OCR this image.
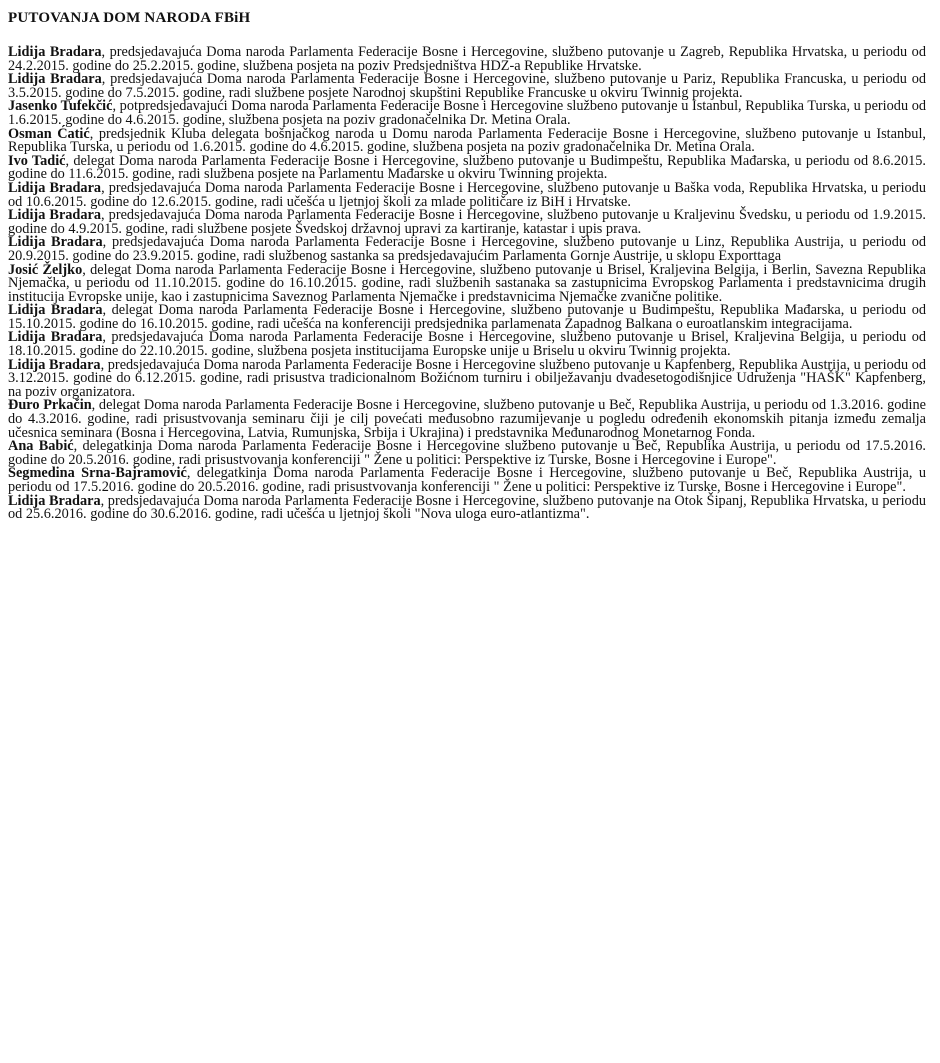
PUTOVANJA DOM NARODA FBiH
Lidija Bradara, predsjedavajuća Doma naroda Parlamenta Federacije Bosne i Hercegovine, službeno putovanje u Zagreb, Republika Hrvatska, u periodu od 24.2.2015. godine do 25.2.2015. godine, službena posjeta na poziv Predsjedništva HDZ-a Republike Hrvatske.
Lidija Bradara, predsjedavajuća Doma naroda Parlamenta Federacije Bosne i Hercegovine, službeno putovanje u Pariz, Republika Francuska, u periodu od 3.5.2015. godine do 7.5.2015. godine, radi službene posjete Narodnoj skupštini Republike Francuske u okviru Twinnig projekta.
Jasenko Tufekčić, potpredsjedavajući Doma naroda Parlamenta Federacije Bosne i Hercegovine službeno putovanje u Istanbul, Republika Turska, u periodu od 1.6.2015. godine do 4.6.2015. godine, službena posjeta na poziv gradonačelnika Dr. Metina Orala.
Osman Ćatić, predsjednik Kluba delegata bošnjačkog naroda u Domu naroda Parlamenta Federacije Bosne i Hercegovine, službeno putovanje u Istanbul, Republika Turska, u periodu od 1.6.2015. godine do 4.6.2015. godine, službena posjeta na poziv gradonačelnika Dr. Metina Orala.
Ivo Tadić, delegat Doma naroda Parlamenta Federacije Bosne i Hercegovine, službeno putovanje u Budimpeštu, Republika Mađarska, u periodu od 8.6.2015. godine do 11.6.2015. godine, radi službena posjete na Parlamentu Mađarske u okviru Twinning projekta.
Lidija Bradara, predsjedavajuća Doma naroda Parlamenta Federacije Bosne i Hercegovine, službeno putovanje u Baška voda, Republika Hrvatska, u periodu od 10.6.2015. godine do 12.6.2015. godine, radi učešća u ljetnjoj školi za mlade političare iz BiH i Hrvatske.
Lidija Bradara, predsjedavajuća Doma naroda Parlamenta Federacije Bosne i Hercegovine, službeno putovanje u Kraljevinu Švedsku, u periodu od 1.9.2015. godine do 4.9.2015. godine, radi službene posjete Švedskoj državnoj upravi za kartiranje, katastar i upis prava.
Lidija Bradara, predsjedavajuća Doma naroda Parlamenta Federacije Bosne i Hercegovine, službeno putovanje u Linz, Republika Austrija, u periodu od 20.9.2015. godine do 23.9.2015. godine, radi službenog sastanka sa predsjedavajućim Parlamenta Gornje Austrije, u sklopu Exporttaga
Josić Željko, delegat Doma naroda Parlamenta Federacije Bosne i Hercegovine, službeno putovanje u Brisel, Kraljevina Belgija, i Berlin, Savezna Republika Njemačka, u periodu od 11.10.2015. godine do 16.10.2015. godine, radi službenih sastanaka sa zastupnicima Evropskog Parlamenta i predstavnicima drugih institucija Evropske unije, kao i zastupnicima Saveznog Parlamenta Njemačke i predstavnicima Njemačke zvanične politike.
Lidija Bradara, delegat Doma naroda Parlamenta Federacije Bosne i Hercegovine, službeno putovanje u Budimpeštu, Republika Mađarska, u periodu od 15.10.2015. godine do 16.10.2015. godine, radi učešća na konferenciji predsjednika parlamenata Zapadnog Balkana o euroatlanskim integracijama.
Lidija Bradara, predsjedavajuća Doma naroda Parlamenta Federacije Bosne i Hercegovine, službeno putovanje u Brisel, Kraljevina Belgija, u periodu od 18.10.2015. godine do 22.10.2015. godine, službena posjeta institucijama Europske unije u Briselu u okviru Twinnig projekta.
Lidija Bradara, predsjedavajuća Doma naroda Parlamenta Federacije Bosne i Hercegovine službeno putovanje u Kapfenberg, Republika Austrija, u periodu od 3.12.2015. godine do 6.12.2015. godine, radi prisustva tradicionalnom Božićnom turniru i obilježavanju dvadesetogodišnjice Udruženja "HAŠK" Kapfenberg, na poziv organizatora.
Đuro Prkačin, delegat Doma naroda Parlamenta Federacije Bosne i Hercegovine, službeno putovanje u Beč, Republika Austrija, u periodu od 1.3.2016. godine do 4.3.2016. godine, radi prisustvovanja seminaru čiji je cilj povećati međusobno razumijevanje u pogledu određenih ekonomskih pitanja između zemalja učesnica seminara (Bosna i Hercegovina, Latvia, Rumunjska, Srbija i Ukrajina) i predstavnika Međunarodnog Monetarnog Fonda.
Ana Babić, delegatkinja Doma naroda Parlamenta Federacije Bosne i Hercegovine službeno putovanje u Beč, Republika Austrija, u periodu od 17.5.2016. godine do 20.5.2016. godine, radi prisustvovanja konferenciji " Žene u politici: Perspektive iz Turske, Bosne i Hercegovine i Europe".
Segmedina Srna-Bajramović, delegatkinja Doma naroda Parlamenta Federacije Bosne i Hercegovine, službeno putovanje u Beč, Republika Austrija, u periodu od 17.5.2016. godine do 20.5.2016. godine, radi prisustvovanja konferenciji " Žene u politici: Perspektive iz Turske, Bosne i Hercegovine i Europe".
Lidija Bradara, predsjedavajuća Doma naroda Parlamenta Federacije Bosne i Hercegovine, službeno putovanje na Otok Šipanj, Republika Hrvatska, u periodu od 25.6.2016. godine do 30.6.2016. godine, radi učešća u ljetnjoj školi "Nova uloga euro-atlantizma".
